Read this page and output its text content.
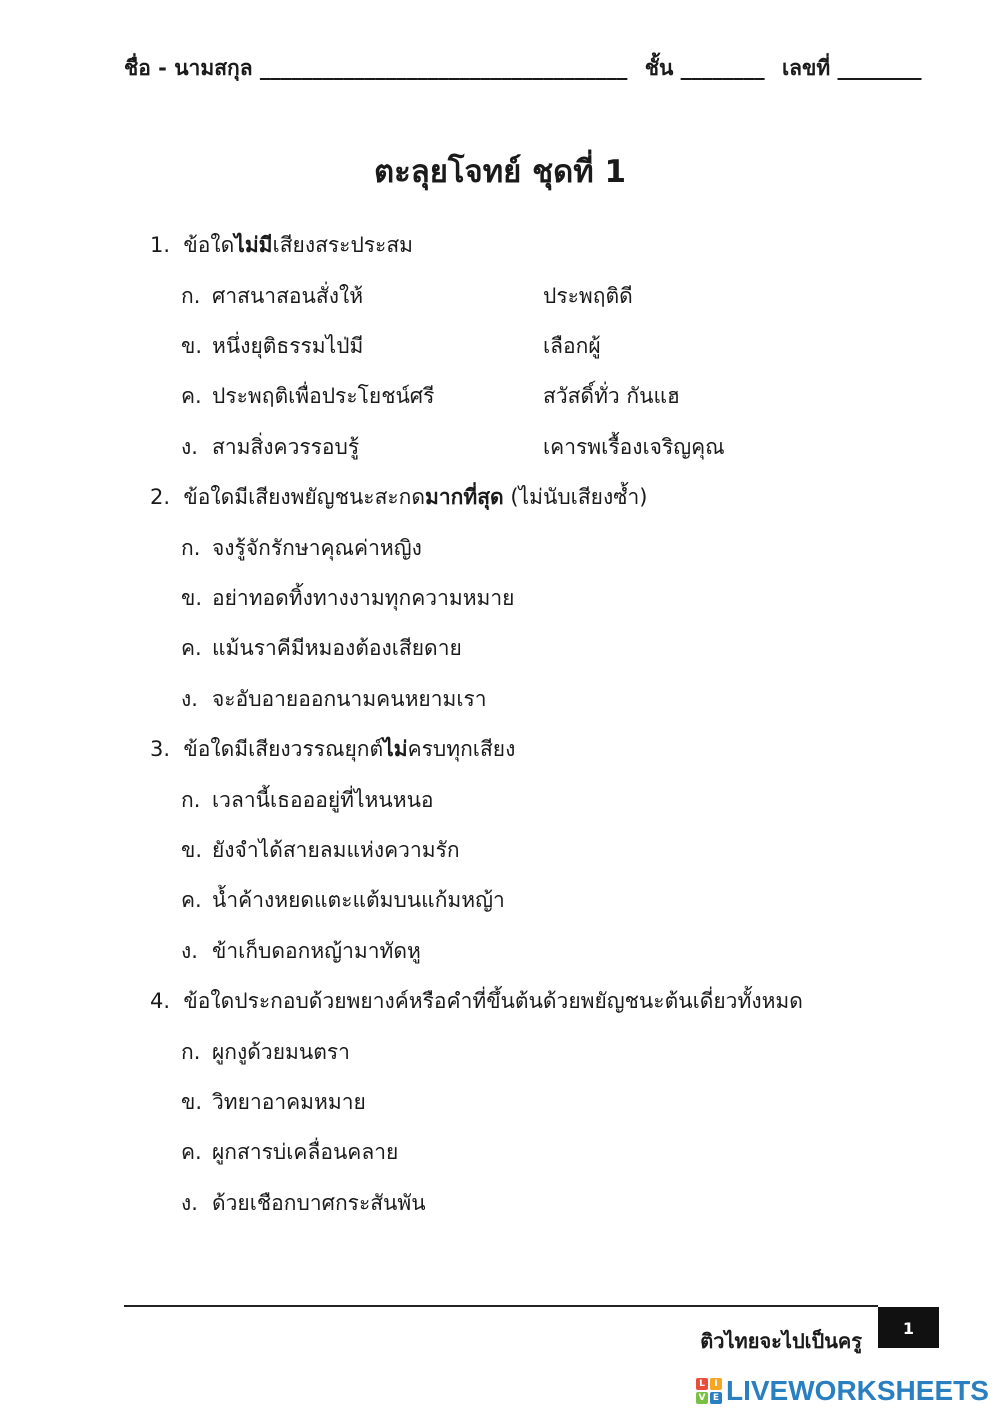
ชื่อ - นามสกุล ___________________________________ ชั้น ________ เลขที่ ________
ตะลุยโจทย์ ชุดที่ 1
1. ข้อใดไม่มีเสียงสระประสม
ก. ศาสนาสอนสั่งให้	ประพฤติดี
ข. หนึ่งยุติธรรมไป่มี	เลือกผู้
ค. ประพฤติเพื่อประโยชน์ศรี	สวัสดิ์ทั่ว กันแฮ
ง. สามสิ่งควรรอบรู้	เคารพเรื้องเจริญคุณ
2. ข้อใดมีเสียงพยัญชนะสะกดมากที่สุด (ไม่นับเสียงซ้ำ)
ก. จงรู้จักรักษาคุณค่าหญิง
ข. อย่าทอดทิ้งทางงามทุกความหมาย
ค. แม้นราคีมีหมองต้องเสียดาย
ง. จะอับอายออกนามคนหยามเรา
3. ข้อใดมีเสียงวรรณยุกต์ไม่ครบทุกเสียง
ก. เวลานี้เธอออยู่ที่ไหนหนอ
ข. ยังจำได้สายลมแห่งความรัก
ค. น้ำค้างหยดแตะแต้มบนแก้มหญ้า
ง. ข้าเก็บดอกหญ้ามาทัดหู
4. ข้อใดประกอบด้วยพยางค์หรือคำที่ขึ้นต้นด้วยพยัญชนะต้นเดี่ยวทั้งหมด
ก. ผูกงูด้วยมนตรา
ข. วิทยาอาคมหมาย
ค. ผูกสารบ่เคลื่อนคลาย
ง. ด้วยเชือกบาศกระสันพัน
ติวไทยจะไปเป็นครู
1
L	I
V E LIVEWORKSHEETS
